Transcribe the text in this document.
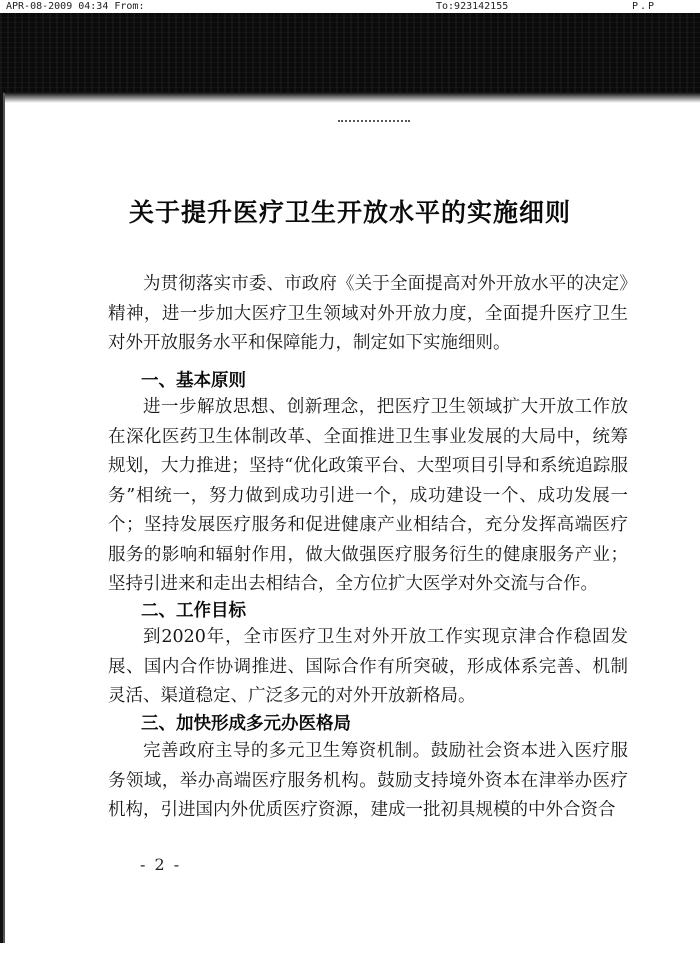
APR-08-2009 04:34 From:	To:923142155	P.P
关于提升医疗卫生开放水平的实施细则

为贯彻落实市委、市政府《关于全面提高对外开放水平的决定》精神，进一步加大医疗卫生领域对外开放力度，全面提升医疗卫生对外开放服务水平和保障能力，制定如下实施细则。

一、基本原则

进一步解放思想、创新理念，把医疗卫生领域扩大开放工作放在深化医药卫生体制改革、全面推进卫生事业发展的大局中，统筹规划，大力推进；坚持“优化政策平台、大型项目引导和系统追踪服务”相统一，努力做到成功引进一个，成功建设一个、成功发展一个；坚持发展医疗服务和促进健康产业相结合，充分发挥高端医疗服务的影响和辐射作用，做大做强医疗服务衍生的健康服务产业；坚持引进来和走出去相结合，全方位扩大医学对外交流与合作。

二、工作目标

到2020年，全市医疗卫生对外开放工作实现京津合作稳固发展、国内合作协调推进、国际合作有所突破，形成体系完善、机制灵活、渠道稳定、广泛多元的对外开放新格局。

三、加快形成多元办医格局

完善政府主导的多元卫生筹资机制。鼓励社会资本进入医疗服务领域，举办高端医疗服务机构。鼓励支持境外资本在津举办医疗机构，引进国内外优质医疗资源，建成一批初具规模的中外合资合

- 2 -
